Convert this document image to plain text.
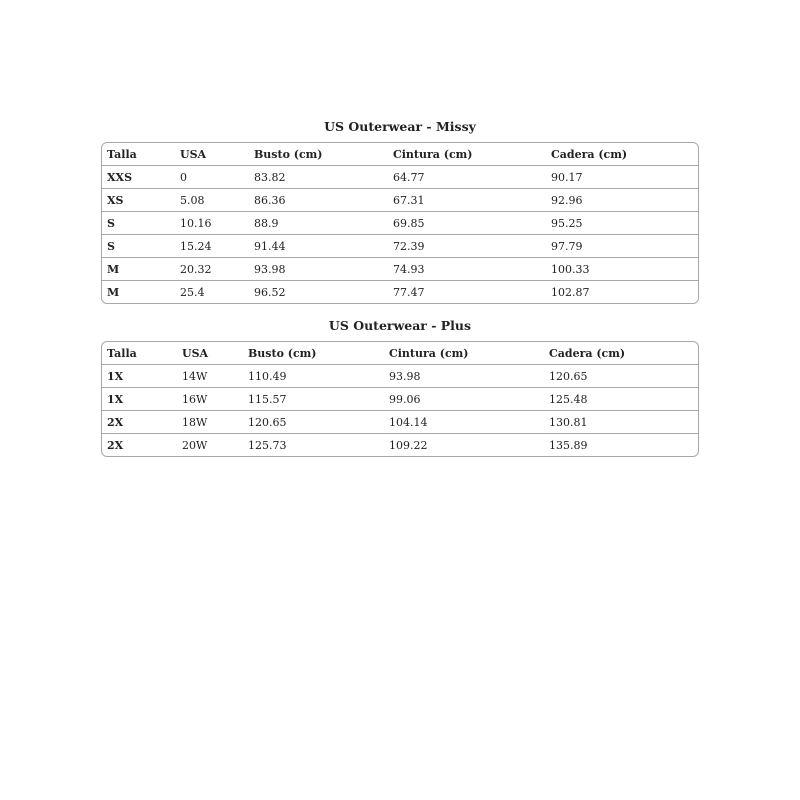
US Outerwear - Missy
Talla	USA	Busto (cm)	Cintura (cm)	Cadera (cm)
XXS	0	83.82	64.77	90.17
XS	5.08	86.36	67.31	92.96
S	10.16	88.9	69.85	95.25
S	15.24	91.44	72.39	97.79
M	20.32	93.98	74.93	100.33
M	25.4	96.52	77.47	102.87
US Outerwear - Plus
Talla	USA	Busto (cm)	Cintura (cm)	Cadera (cm)
1X	14W	110.49	93.98	120.65
1X	16W	115.57	99.06	125.48
2X	18W	120.65	104.14	130.81
2X	20W	125.73	109.22	135.89
